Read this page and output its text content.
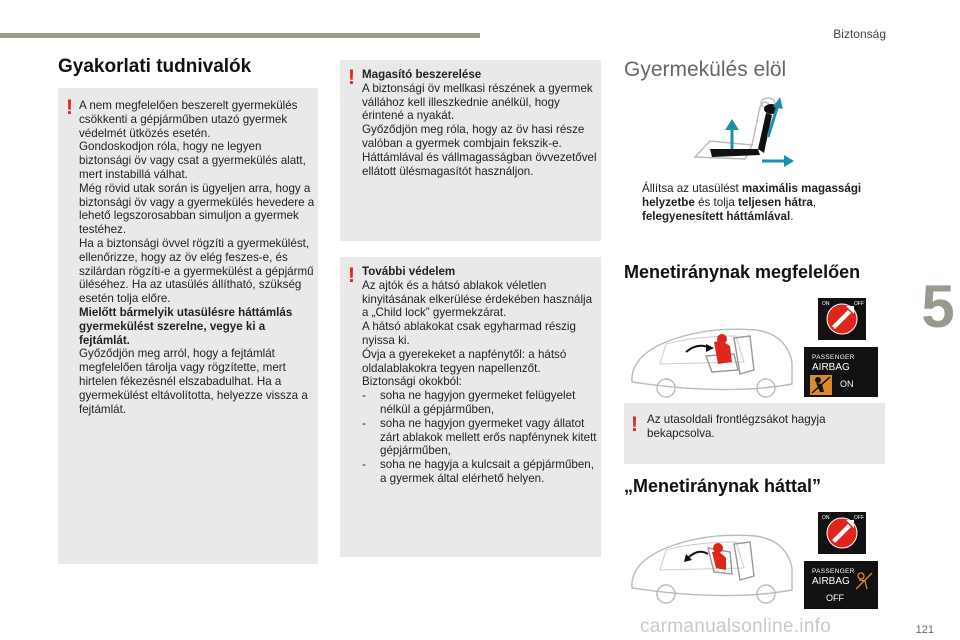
Biztonság
5
Gyakorlati tudnivalók
! A nem megfelelően beszerelt gyermekülés csökkenti a gépjárműben utazó gyermek védelmét ütközés esetén.

Gondoskodjon róla, hogy ne legyen biztonsági öv vagy csat a gyermekülés alatt, mert instabillá válhat.

Még rövid utak során is ügyeljen arra, hogy a biztonsági öv vagy a gyermekülés hevedere a lehető legszorosabban simuljon a gyermek testéhez.

Ha a biztonsági övvel rögzíti a gyermekülést, ellenőrizze, hogy az öv elég feszes-e, és szilárdan rögzíti-e a gyermekülést a gépjármű üléséhez. Ha az utasülés állítható, szükség esetén tolja előre.

Mielőtt bármelyik utasülésre háttámlás gyermekülést szerelne, vegye ki a fejtámlát.

Győződjön meg arról, hogy a fejtámlát megfelelően tárolja vagy rögzítette, mert hirtelen fékezésnél elszabadulhat. Ha a gyermekülést eltávolította, helyezze vissza a fejtámlát.

! Magasító beszerelése

A biztonsági öv mellkasi részének a gyermek vállához kell illeszkednie anélkül, hogy érintené a nyakát.

Győződjön meg róla, hogy az öv hasi része valóban a gyermek combjain fekszik-e.

Háttámlával és vállmagasságban övvezetővel ellátott ülésmagasítót használjon.

! További védelem

Az ajtók és a hátsó ablakok véletlen kinyitásának elkerülése érdekében használja a „Child lock” gyermekzárat.

A hátsó ablakokat csak egyharmad részig nyissa ki.

Óvja a gyerekeket a napfénytől: a hátsó oldalablakokra tegyen napellenzőt.

Biztonsági okokból:

-	soha ne hagyjon gyermeket felügyelet nélkül a gépjárműben,
-	soha ne hagyjon gyermeket vagy állatot zárt ablakok mellett erős napfénynek kitett gépjárműben,
-	soha ne hagyja a kulcsait a gépjárműben, a gyermek által elérhető helyen.
Gyermekülés elöl
Állítsa az utasülést maximális magassági helyzetbe és tolja teljesen hátra, felegyenesített háttámlával.
Menetiránynak megfelelően
ON	OFF
PASSENGER
AIRBAG
ON
! Az utasoldali frontlégzsákot hagyja bekapcsolva.
„Menetiránynak háttal”
ON	OFF
PASSENGER
AIRBAG
OFF
121
carmanualsonline.info
